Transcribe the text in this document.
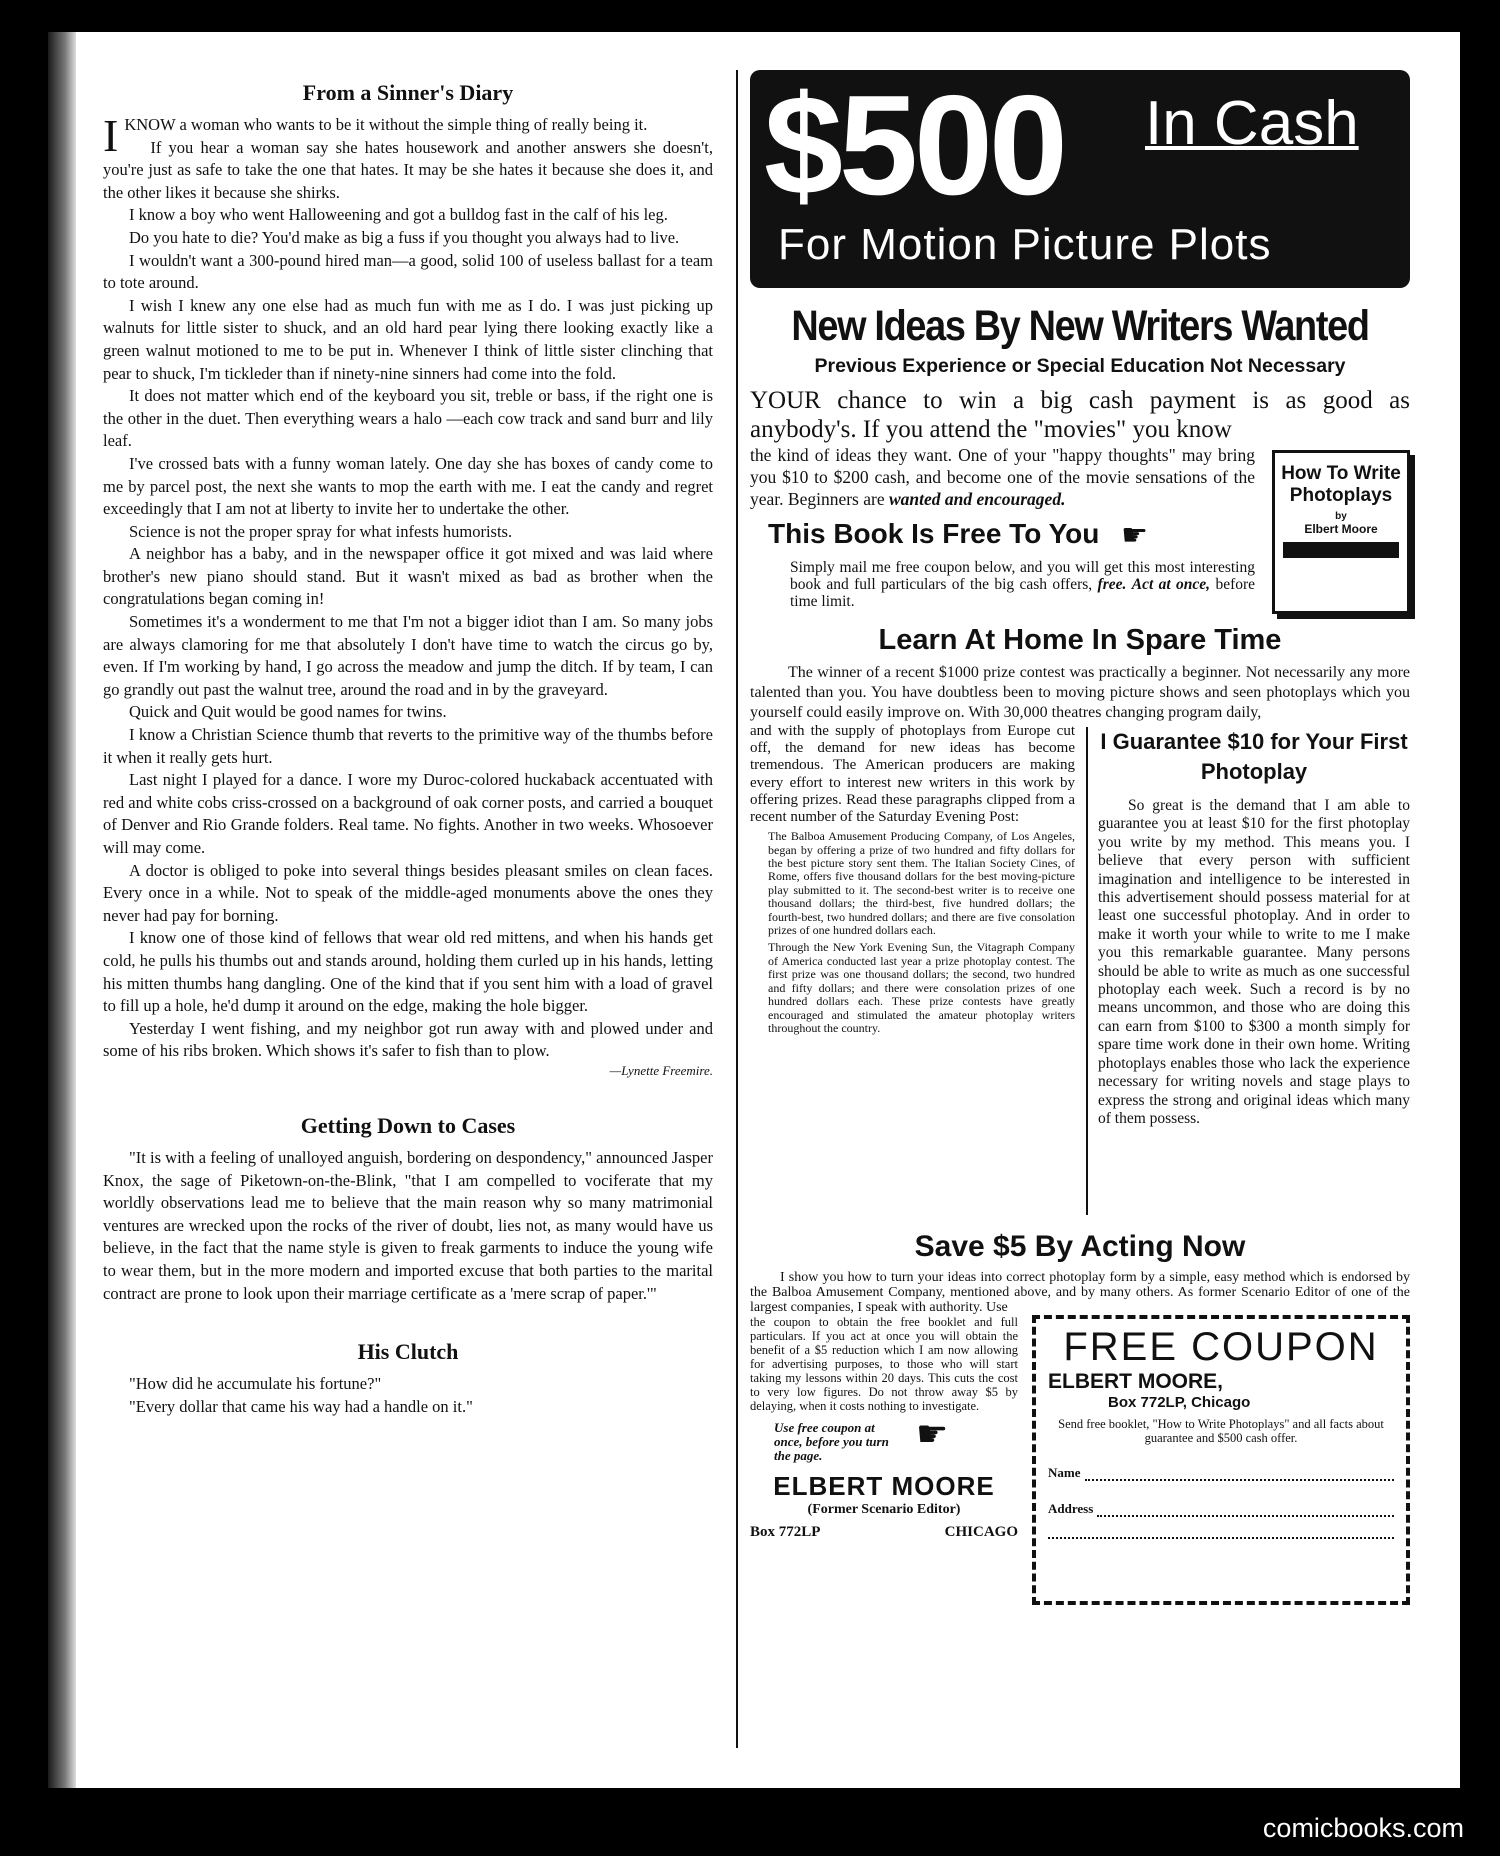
From a Sinner's Diary

IKNOW a woman who wants to be it without the simple thing of really being it.

If you hear a woman say she hates housework and another answers she doesn't, you're just as safe to take the one that hates. It may be she hates it because she does it, and the other likes it because she shirks.

I know a boy who went Halloweening and got a bulldog fast in the calf of his leg.

Do you hate to die? You'd make as big a fuss if you thought you always had to live.

I wouldn't want a 300-pound hired man—a good, solid 100 of useless ballast for a team to tote around.

I wish I knew any one else had as much fun with me as I do. I was just picking up walnuts for little sister to shuck, and an old hard pear lying there looking exactly like a green walnut motioned to me to be put in. Whenever I think of little sister clinching that pear to shuck, I'm tickleder than if ninety-nine sinners had come into the fold.

It does not matter which end of the keyboard you sit, treble or bass, if the right one is the other in the duet. Then everything wears a halo —each cow track and sand burr and lily leaf.

I've crossed bats with a funny woman lately. One day she has boxes of candy come to me by parcel post, the next she wants to mop the earth with me. I eat the candy and regret exceedingly that I am not at liberty to invite her to undertake the other.

Science is not the proper spray for what infests humorists.

A neighbor has a baby, and in the newspaper office it got mixed and was laid where brother's new piano should stand. But it wasn't mixed as bad as brother when the congratulations began coming in!

Sometimes it's a wonderment to me that I'm not a bigger idiot than I am. So many jobs are always clamoring for me that absolutely I don't have time to watch the circus go by, even. If I'm working by hand, I go across the meadow and jump the ditch. If by team, I can go grandly out past the walnut tree, around the road and in by the graveyard.

Quick and Quit would be good names for twins.

I know a Christian Science thumb that reverts to the primitive way of the thumbs before it when it really gets hurt.

Last night I played for a dance. I wore my Duroc-colored huckaback accentuated with red and white cobs criss-crossed on a background of oak corner posts, and carried a bouquet of Denver and Rio Grande folders. Real tame. No fights. Another in two weeks. Whosoever will may come.

A doctor is obliged to poke into several things besides pleasant smiles on clean faces. Every once in a while. Not to speak of the middle-aged monuments above the ones they never had pay for borning.

I know one of those kind of fellows that wear old red mittens, and when his hands get cold, he pulls his thumbs out and stands around, holding them curled up in his hands, letting his mitten thumbs hang dangling. One of the kind that if you sent him with a load of gravel to fill up a hole, he'd dump it around on the edge, making the hole bigger.

Yesterday I went fishing, and my neighbor got run away with and plowed under and some of his ribs broken. Which shows it's safer to fish than to plow.

—Lynette Freemire.
Getting Down to Cases

"It is with a feeling of unalloyed anguish, bordering on despondency," announced Jasper Knox, the sage of Piketown-on-the-Blink, "that I am compelled to vociferate that my worldly observations lead me to believe that the main reason why so many matrimonial ventures are wrecked upon the rocks of the river of doubt, lies not, as many would have us believe, in the fact that the name style is given to freak garments to induce the young wife to wear them, but in the more modern and imported excuse that both parties to the marital contract are prone to look upon their marriage certificate as a 'mere scrap of paper.'"

His Clutch

"How did he accumulate his fortune?"

"Every dollar that came his way had a handle on it."

$500 In Cash
For Motion Picture Plots
New Ideas By New Writers Wanted
Previous Experience or Special Education Not Necessary

YOUR chance to win a big cash payment is as good as anybody's. If you attend the "movies" you know

the kind of ideas they want. One of your "happy thoughts" may bring you $10 to $200 cash, and become one of the movie sensations of the year. Beginners are wanted and encouraged.

This Book Is Free To You ☛

Simply mail me free coupon below, and you will get this most interesting book and full particulars of the big cash offers, free. Act at once, before time limit.

How To Write Photoplays
by
Elbert Moore
Learn At Home In Spare Time

The winner of a recent $1000 prize contest was practically a beginner. Not necessarily any more talented than you. You have doubtless been to moving picture shows and seen photoplays which you yourself could easily improve on. With 30,000 theatres changing program daily,

and with the supply of photoplays from Europe cut off, the demand for new ideas has become tremendous. The American producers are making every effort to interest new writers in this work by offering prizes. Read these paragraphs clipped from a recent number of the Saturday Evening Post:

The Balboa Amusement Producing Company, of Los Angeles, began by offering a prize of two hundred and fifty dollars for the best picture story sent them. The Italian Society Cines, of Rome, offers five thousand dollars for the best moving-picture play submitted to it. The second-best writer is to receive one thousand dollars; the third-best, five hundred dollars; the fourth-best, two hundred dollars; and there are five consolation prizes of one hundred dollars each.

Through the New York Evening Sun, the Vitagraph Company of America conducted last year a prize photoplay contest. The first prize was one thousand dollars; the second, two hundred and fifty dollars; and there were consolation prizes of one hundred dollars each. These prize contests have greatly encouraged and stimulated the amateur photoplay writers throughout the country.

I Guarantee $10 for Your First Photoplay

So great is the demand that I am able to guarantee you at least $10 for the first photoplay you write by my method. This means you. I believe that every person with sufficient imagination and intelligence to be interested in this advertisement should possess material for at least one successful photoplay. And in order to make it worth your while to write to me I make you this remarkable guarantee. Many persons should be able to write as much as one successful photoplay each week. Such a record is by no means uncommon, and those who are doing this can earn from $100 to $300 a month simply for spare time work done in their own home. Writing photoplays enables those who lack the experience necessary for writing novels and stage plays to express the strong and original ideas which many of them possess.

Save $5 By Acting Now

I show you how to turn your ideas into correct photoplay form by a simple, easy method which is endorsed by the Balboa Amusement Company, mentioned above, and by many others. As former Scenario Editor of one of the largest companies, I speak with authority. Use

the coupon to obtain the free booklet and full particulars. If you act at once you will obtain the benefit of a $5 reduction which I am now allowing for advertising purposes, to those who will start taking my lessons within 20 days. This cuts the cost to very low figures. Do not throw away $5 by delaying, when it costs nothing to investigate.

Use free coupon at once, before you turn the page. ☛
ELBERT MOORE
(Former Scenario Editor)
Box 772LP	CHICAGO
FREE COUPON
ELBERT MOORE,
Box 772LP, Chicago
Send free booklet, "How to Write Photoplays" and all facts about guarantee and $500 cash offer.
Name
Address
comicbooks.com
